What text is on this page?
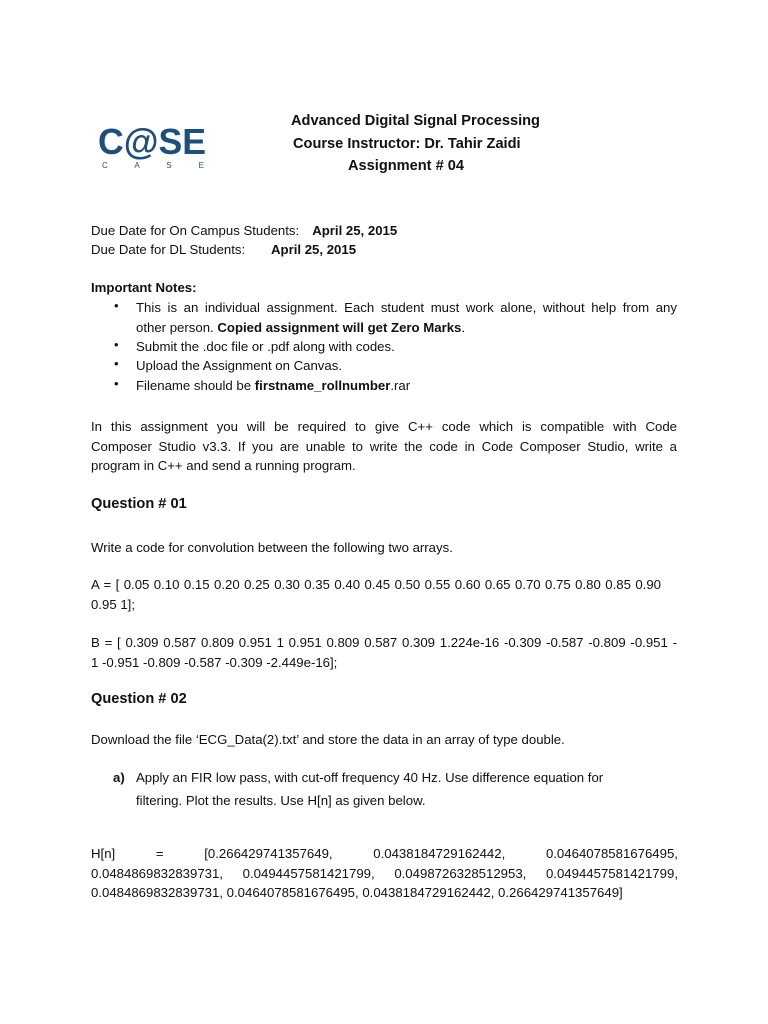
C@SE
C A S E
Advanced Digital Signal Processing
Course Instructor: Dr. Tahir Zaidi
Assignment # 04
Due Date for On Campus Students: April 25, 2015
Due Date for DL Students: April 25, 2015
Important Notes:
• This is an individual assignment. Each student must work alone, without help from any
other person. Copied assignment will get Zero Marks.
• Submit the .doc file or .pdf along with codes.
• Upload the Assignment on Canvas.
• Filename should be firstname_rollnumber.rar
In this assignment you will be required to give C++ code which is compatible with Code
Composer Studio v3.3. If you are unable to write the code in Code Composer Studio, write a
program in C++ and send a running program.
Question # 01
Write a code for convolution between the following two arrays.
A = [ 0.05 0.10 0.15 0.20 0.25 0.30 0.35 0.40 0.45 0.50 0.55 0.60 0.65 0.70 0.75 0.80 0.85 0.90
0.95 1];
B = [ 0.309 0.587 0.809 0.951 1 0.951 0.809 0.587 0.309 1.224e-16 -0.309 -0.587 -0.809 -0.951 -
1 -0.951 -0.809 -0.587 -0.309 -2.449e-16];
Question # 02
Download the file ‘ECG_Data(2).txt’ and store the data in an array of type double.
a) Apply an FIR low pass, with cut-off frequency 40 Hz. Use difference equation for
filtering. Plot the results. Use H[n] as given below.
H[n]	=	[0.266429741357649,	0.0438184729162442,	0.0464078581676495,
0.0484869832839731, 0.0494457581421799, 0.0498726328512953, 0.0494457581421799,
0.0484869832839731, 0.0464078581676495, 0.0438184729162442, 0.266429741357649]
